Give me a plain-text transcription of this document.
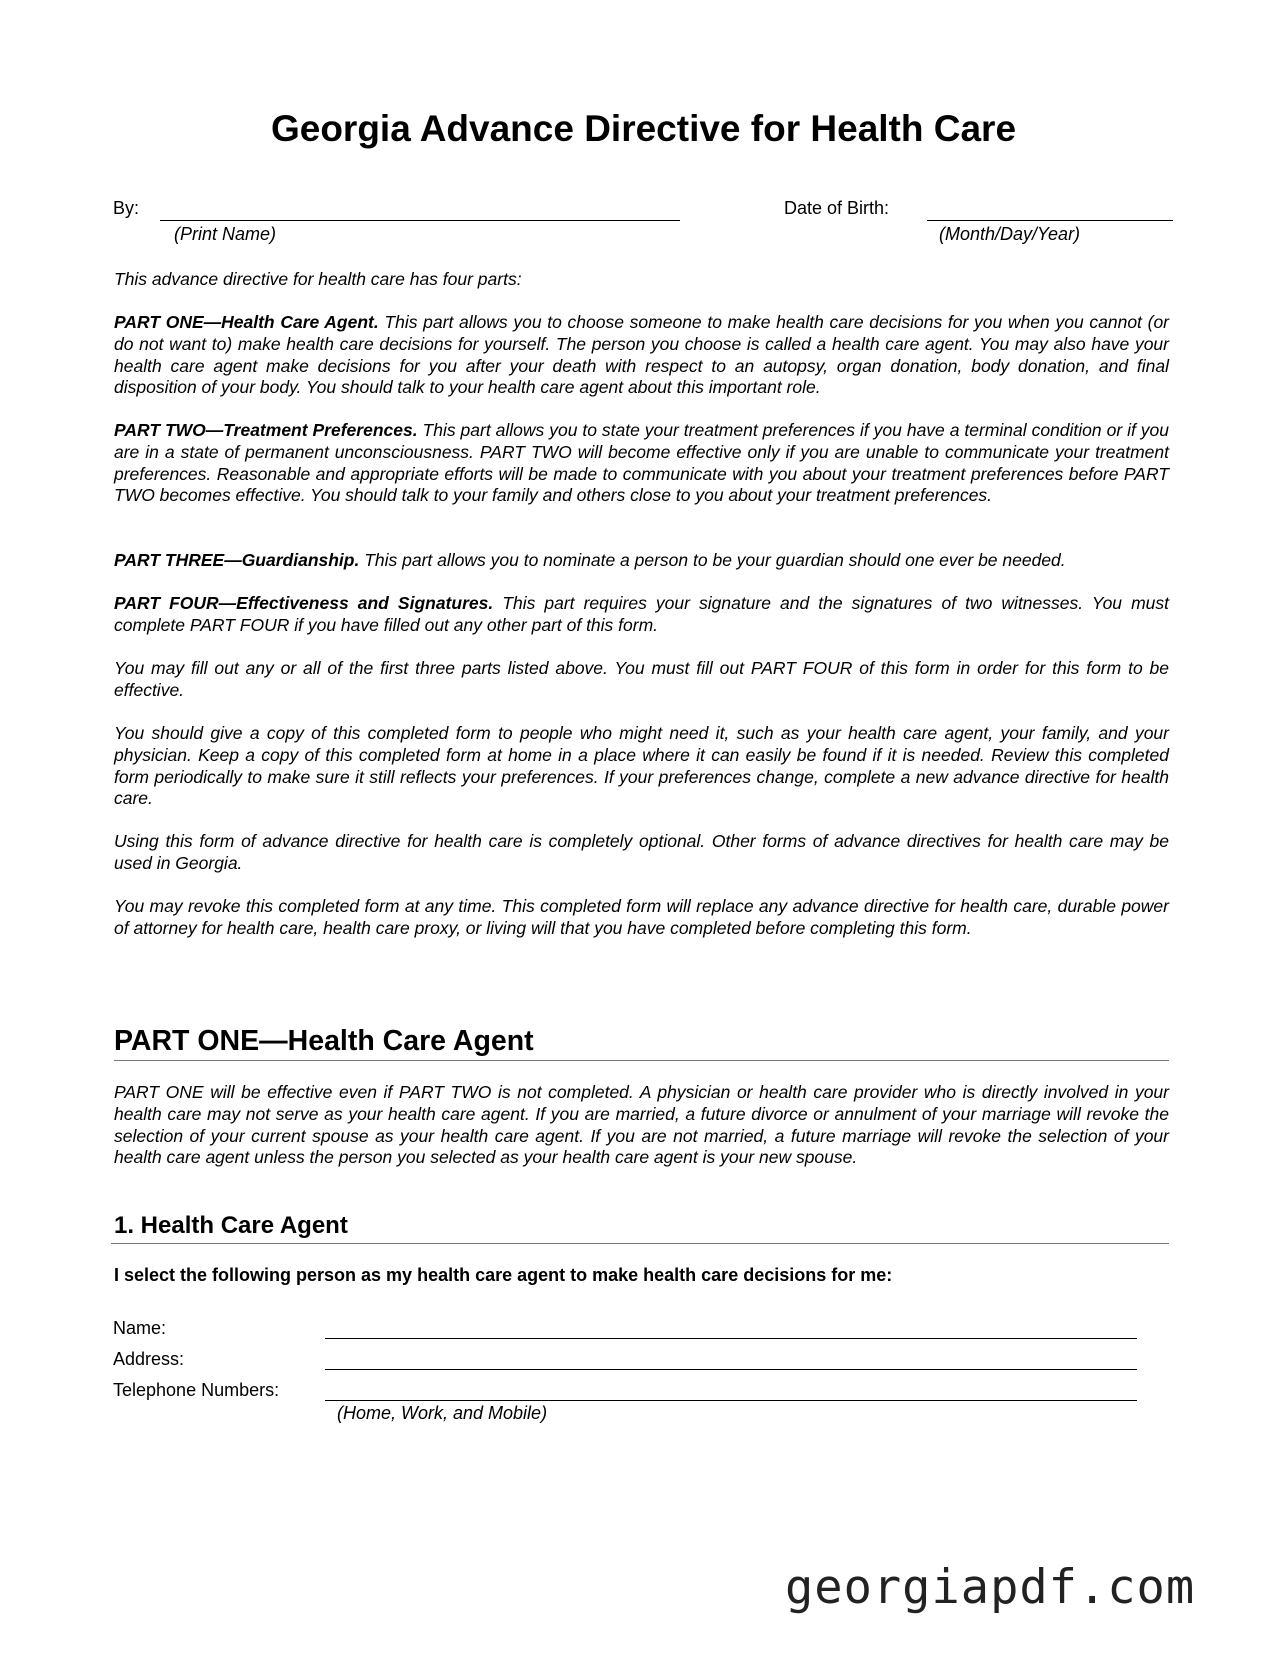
Georgia Advance Directive for Health Care
By:
(Print Name)
Date of Birth:
(Month/Day/Year)

This advance directive for health care has four parts:

PART ONE—Health Care Agent. This part allows you to choose someone to make health care decisions for you when you cannot (or do not want to) make health care decisions for yourself. The person you choose is called a health care agent. You may also have your health care agent make decisions for you after your death with respect to an autopsy, organ donation, body donation, and final disposition of your body. You should talk to your health care agent about this important role.

PART TWO—Treatment Preferences. This part allows you to state your treatment preferences if you have a terminal condition or if you are in a state of permanent unconsciousness. PART TWO will become effective only if you are unable to communicate your treatment preferences. Reasonable and appropriate efforts will be made to communicate with you about your treatment preferences before PART TWO becomes effective. You should talk to your family and others close to you about your treatment preferences.

PART THREE—Guardianship. This part allows you to nominate a person to be your guardian should one ever be needed.

PART FOUR—Effectiveness and Signatures. This part requires your signature and the signatures of two witnesses. You must complete PART FOUR if you have filled out any other part of this form.

You may fill out any or all of the first three parts listed above. You must fill out PART FOUR of this form in order for this form to be effective.

You should give a copy of this completed form to people who might need it, such as your health care agent, your family, and your physician. Keep a copy of this completed form at home in a place where it can easily be found if it is needed. Review this completed form periodically to make sure it still reflects your preferences. If your preferences change, complete a new advance directive for health care.

Using this form of advance directive for health care is completely optional. Other forms of advance directives for health care may be used in Georgia.

You may revoke this completed form at any time. This completed form will replace any advance directive for health care, durable power of attorney for health care, health care proxy, or living will that you have completed before completing this form.

PART ONE—Health Care Agent

PART ONE will be effective even if PART TWO is not completed. A physician or health care provider who is directly involved in your health care may not serve as your health care agent. If you are married, a future divorce or annulment of your marriage will revoke the selection of your current spouse as your health care agent. If you are not married, a future marriage will revoke the selection of your health care agent unless the person you selected as your health care agent is your new spouse.

1. Health Care Agent
I select the following person as my health care agent to make health care decisions for me:
Name:
Address:
Telephone Numbers:
(Home, Work, and Mobile)
georgiapdf.com
